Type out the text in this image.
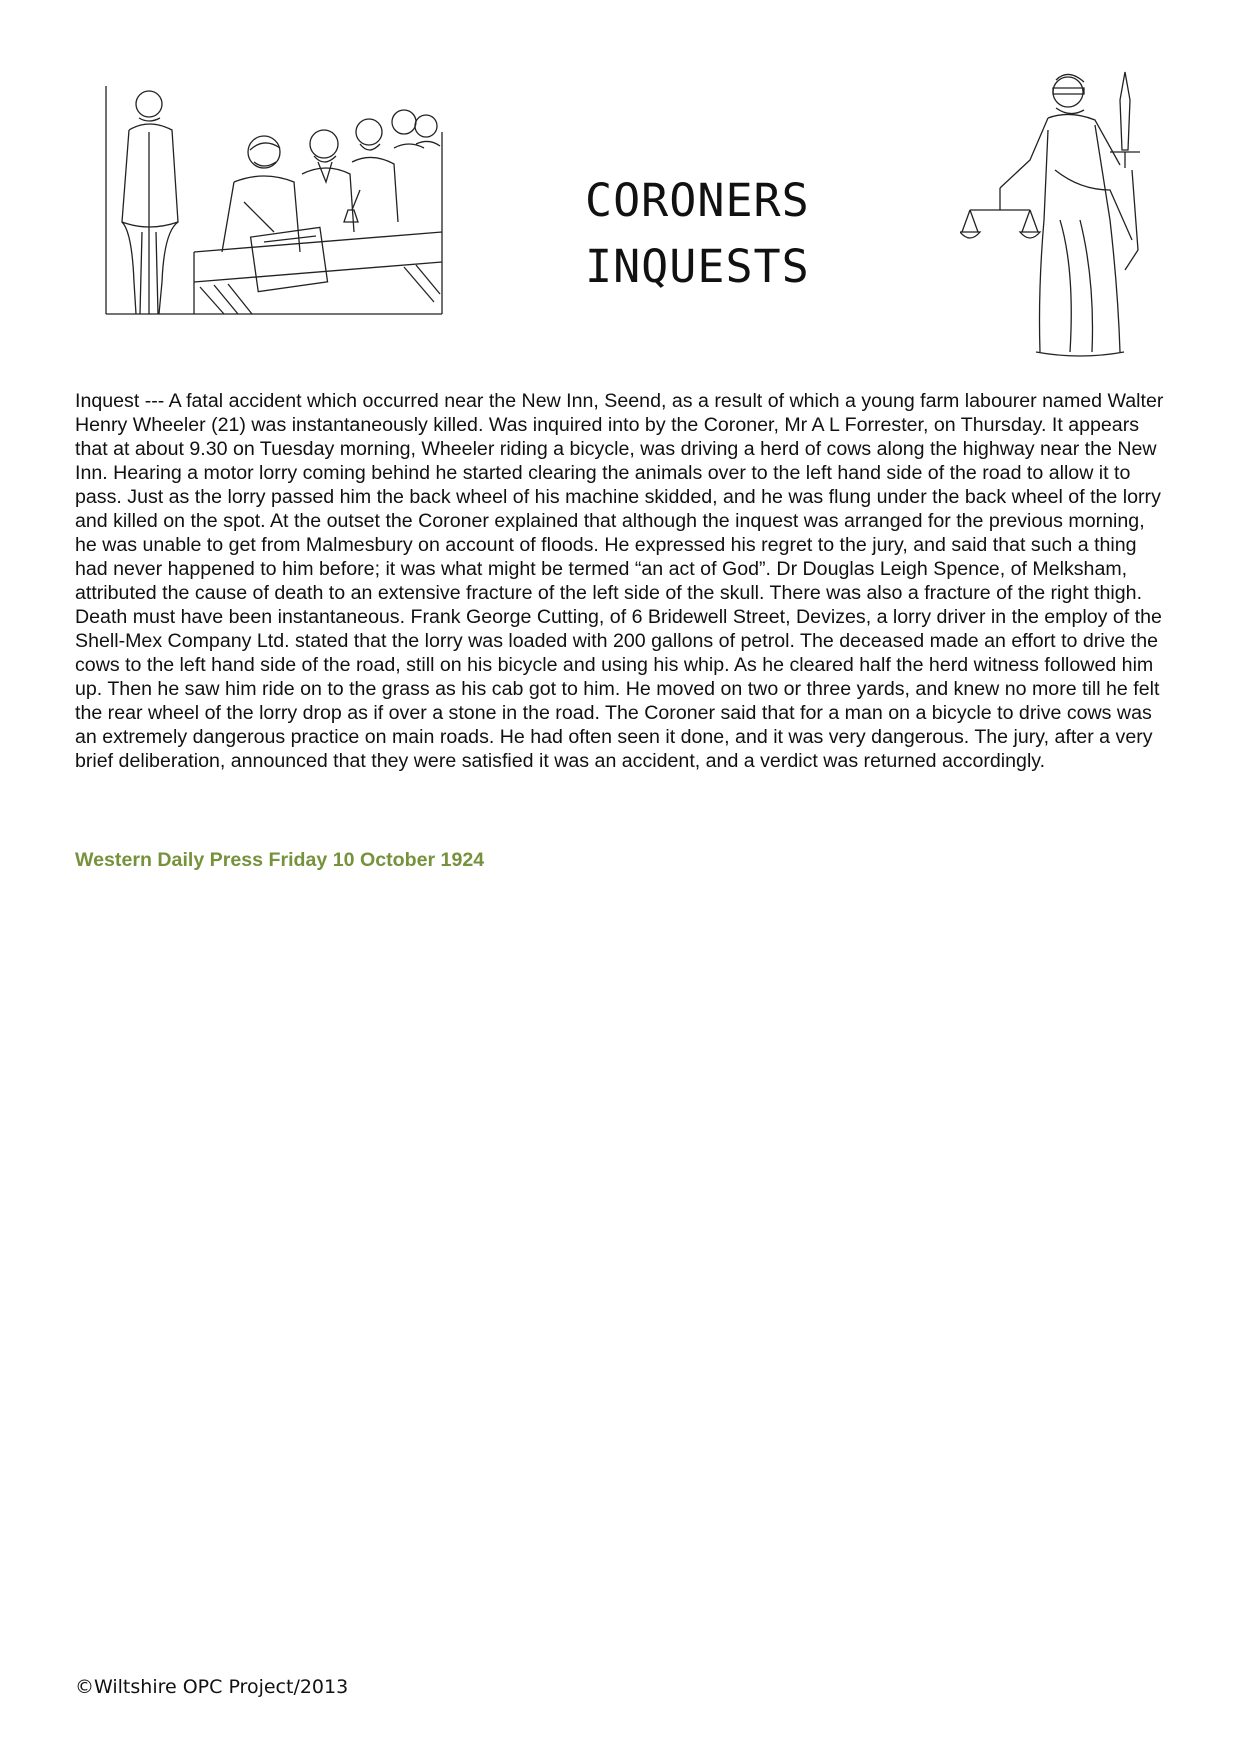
CORONERS
INQUESTS
Inquest --- A fatal accident which occurred near the New Inn, Seend, as a result of which a young farm labourer named Walter Henry Wheeler (21) was instantaneously killed. Was inquired into by the Coroner, Mr A L Forrester, on Thursday. It appears that at about 9.30 on Tuesday morning, Wheeler riding a bicycle, was driving a herd of cows along the highway near the New Inn. Hearing a motor lorry coming behind he started clearing the animals over to the left hand side of the road to allow it to pass. Just as the lorry passed him the back wheel of his machine skidded, and he was flung under the back wheel of the lorry and killed on the spot. At the outset the Coroner explained that although the inquest was arranged for the previous morning, he was unable to get from Malmesbury on account of floods. He expressed his regret to the jury, and said that such a thing had never happened to him before; it was what might be termed “an act of God”. Dr Douglas Leigh Spence, of Melksham, attributed the cause of death to an extensive fracture of the left side of the skull. There was also a fracture of the right thigh. Death must have been instantaneous. Frank George Cutting, of 6 Bridewell Street, Devizes, a lorry driver in the employ of the Shell-Mex Company Ltd. stated that the lorry was loaded with 200 gallons of petrol. The deceased made an effort to drive the cows to the left hand side of the road, still on his bicycle and using his whip. As he cleared half the herd witness followed him up. Then he saw him ride on to the grass as his cab got to him. He moved on two or three yards, and knew no more till he felt the rear wheel of the lorry drop as if over a stone in the road. The Coroner said that for a man on a bicycle to drive cows was an extremely dangerous practice on main roads. He had often seen it done, and it was very dangerous. The jury, after a very brief deliberation, announced that they were satisfied it was an accident, and a verdict was returned accordingly.
Western Daily Press Friday 10 October 1924
©Wiltshire OPC Project/2013
